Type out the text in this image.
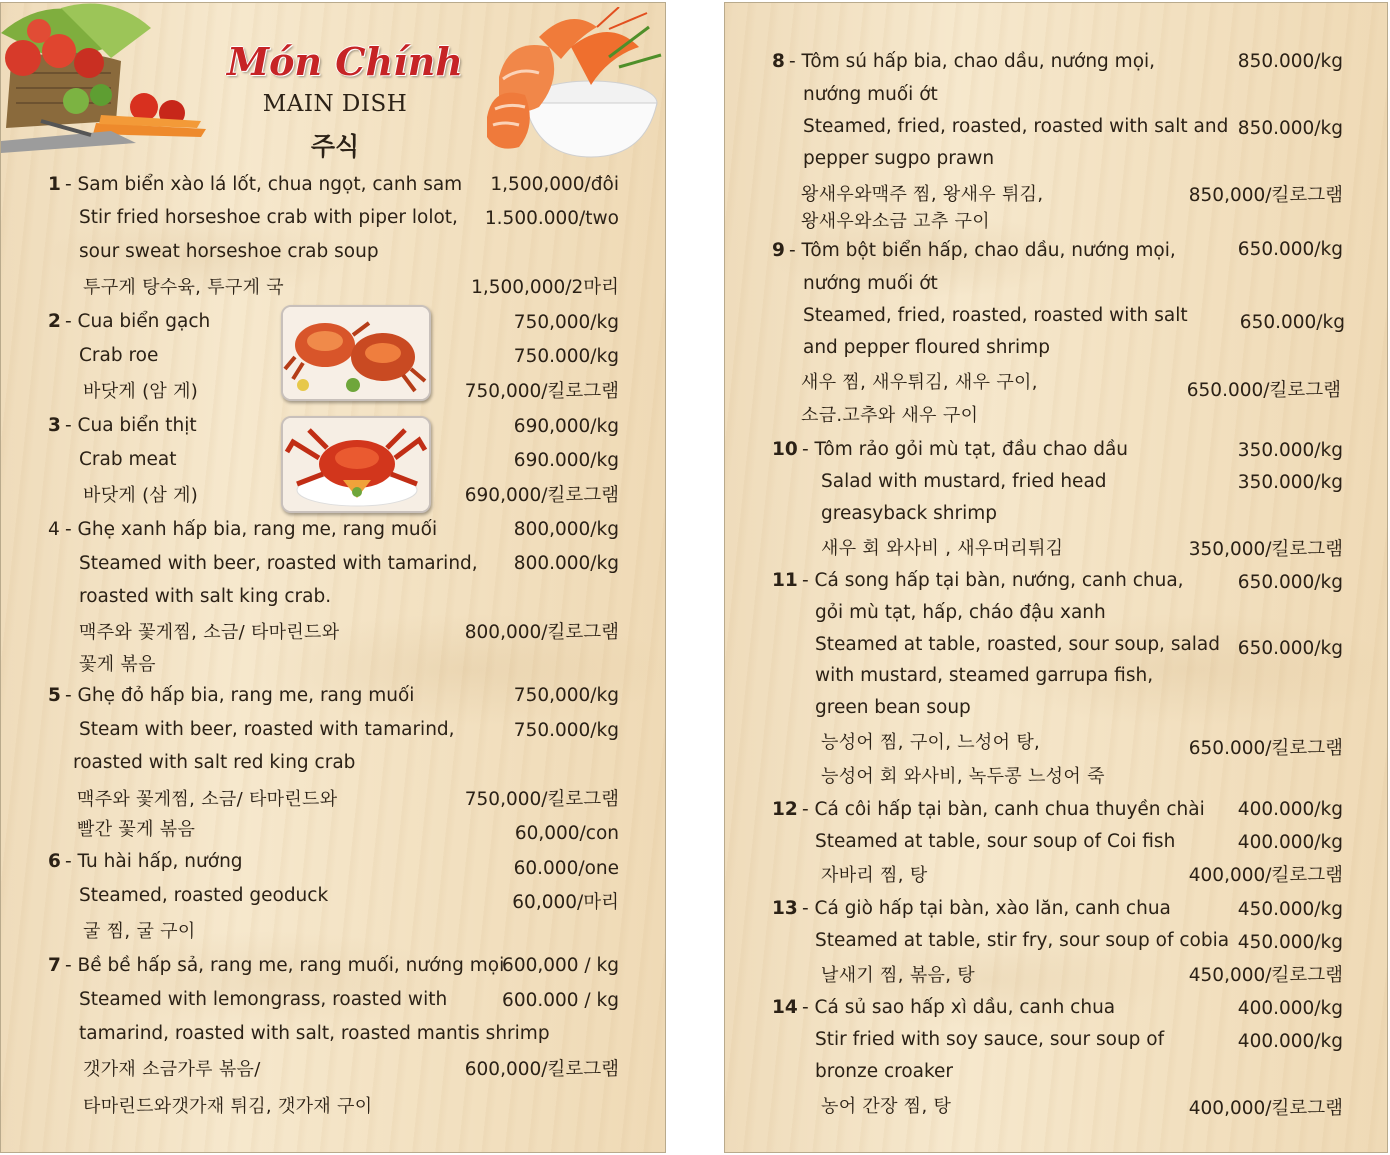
Món Chính
MAIN DISH
주식
1 - Sam biển xào lá lốt, chua ngọt, canh sam
Stir fried horseshoe crab with piper lolot,
sour sweat horseshoe crab soup
투구게 탕수육, 투구게 국
1,500,000/đôi
1.500.000/two
1,500,000/2마리
2 - Cua biển gạch
Crab roe
바닷게 (암 게)
750,000/kg
750.000/kg
750,000/킬로그램
3 - Cua biển thịt
Crab meat
바닷게 (삼 게)
690,000/kg
690.000/kg
690,000/킬로그램
4 - Ghẹ xanh hấp bia, rang me, rang muối
Steamed with beer, roasted with tamarind,
roasted with salt king crab.
맥주와 꽃게찜, 소금/ 타마린드와
꽃게 볶음
800,000/kg
800.000/kg
800,000/킬로그램
5 - Ghẹ đỏ hấp bia, rang me, rang muối
Steam with beer, roasted with tamarind,
roasted with salt red king crab
맥주와 꽃게찜, 소금/ 타마린드와
빨간 꽃게 볶음
750,000/kg
750.000/kg
750,000/킬로그램
60,000/con
6 - Tu hài hấp, nướng
Steamed, roasted geoduck
굴 찜, 굴 구이
60.000/one
60,000/마리
7 - Bề bề hấp sả, rang me, rang muối, nướng mọi
Steamed with lemongrass, roasted with
tamarind, roasted with salt, roasted mantis shrimp
갯가재 소금가루 볶음/
타마린드와갯가재 튀김, 갯가재 구이
600,000 / kg
600.000 / kg
600,000/킬로그램
8 - Tôm sú hấp bia, chao dầu, nướng mọi,
nướng muối ớt
Steamed, fried, roasted, roasted with salt and
pepper sugpo prawn
왕새우와맥주 찜, 왕새우 튀김,
왕새우와소금 고추 구이
850.000/kg
850.000/kg
850,000/킬로그램
9 - Tôm bột biển hấp, chao dầu, nướng mọi,
nướng muối ớt
Steamed, fried, roasted, roasted with salt
and pepper floured shrimp
새우 찜, 새우튀김, 새우 구이,
소금.고추와 새우 구이
650.000/kg
650.000/kg
650.000/킬로그램
10 - Tôm rảo gỏi mù tạt, đầu chao dầu
Salad with mustard, fried head
greasyback shrimp
새우 회 와사비 , 새우머리튀김
350.000/kg
350.000/kg
350,000/킬로그램
11 - Cá song hấp tại bàn, nướng, canh chua,
gỏi mù tạt, hấp, cháo đậu xanh
Steamed at table, roasted, sour soup, salad
with mustard, steamed garrupa fish,
green bean soup
능성어 찜, 구이, 느성어 탕,
능성어 회 와사비, 녹두콩 느성어 죽
650.000/kg
650.000/kg
650.000/킬로그램
12 - Cá côi hấp tại bàn, canh chua thuyền chài
Steamed at table, sour soup of Coi fish
자바리 찜, 탕
400.000/kg
400.000/kg
400,000/킬로그램
13 - Cá giò hấp tại bàn, xào lăn, canh chua
Steamed at table, stir fry, sour soup of cobia
날새기 찜, 볶음, 탕
450.000/kg
450.000/kg
450,000/킬로그램
14 - Cá sủ sao hấp xì dầu, canh chua
Stir fried with soy sauce, sour soup of
bronze croaker
농어 간장 찜, 탕
400.000/kg
400.000/kg
400,000/킬로그램
